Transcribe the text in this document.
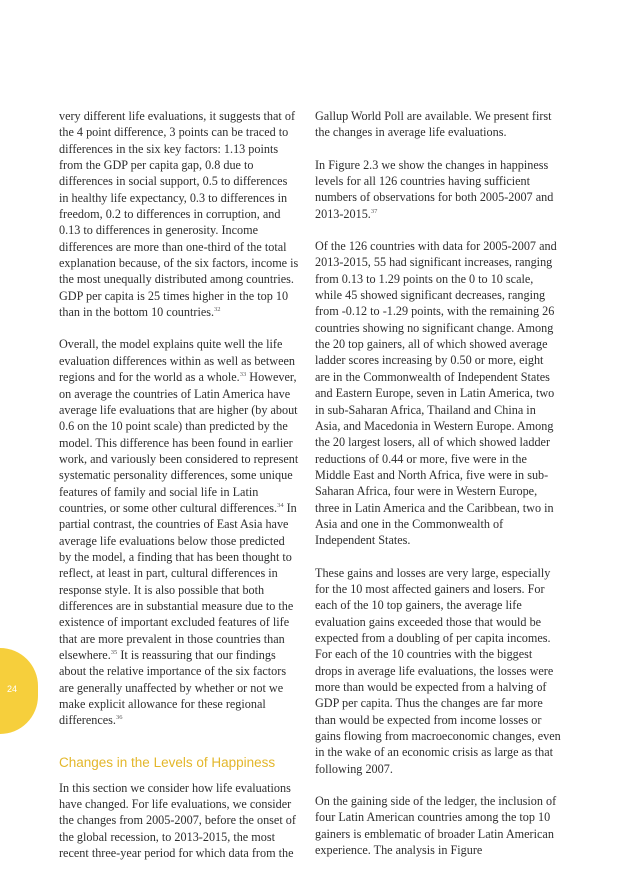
very different life evaluations, it suggests that of the 4 point difference, 3 points can be traced to differences in the six key factors: 1.13 points from the GDP per capita gap, 0.8 due to differences in social support, 0.5 to differences in healthy life expectancy, 0.3 to differences in freedom, 0.2 to differences in corruption, and 0.13 to differences in generosity. Income differences are more than one-third of the total explanation because, of the six factors, income is the most unequally distributed among countries. GDP per capita is 25 times higher in the top 10 than in the bottom 10 countries.$^{32}$

Overall, the model explains quite well the life evaluation differences within as well as between regions and for the world as a whole.$^{33}$ However, on average the countries of Latin America have average life evaluations that are higher (by about 0.6 on the 10 point scale) than predicted by the model. This difference has been found in earlier work, and variously been considered to represent systematic personality differences, some unique features of family and social life in Latin countries, or some other cultural differences.$^{34}$ In partial contrast, the countries of East Asia have average life evaluations below those predicted by the model, a finding that has been thought to reflect, at least in part, cultural differences in response style. It is also possible that both differences are in substantial measure due to the existence of important excluded features of life that are more prevalent in those countries than elsewhere.$^{35}$ It is reassuring that our findings about the relative importance of the six factors are generally unaffected by whether or not we make explicit allowance for these regional differences.$^{36}$

Changes in the Levels of Happiness

In this section we consider how life evaluations have changed. For life evaluations, we consider the changes from 2005-2007, before the onset of the global recession, to 2013-2015, the most recent three-year period for which data from the

Gallup World Poll are available. We present first the changes in average life evaluations.

In Figure 2.3 we show the changes in happiness levels for all 126 countries having sufficient numbers of observations for both 2005-2007 and 2013-2015.37

Of the 126 countries with data for 2005-2007 and 2013-2015, 55 had significant increases, ranging from 0.13 to 1.29 points on the 0 to 10 scale, while 45 showed significant decreases, ranging from -0.12 to -1.29 points, with the remaining 26 countries showing no significant change. Among the 20 top gainers, all of which showed average ladder scores increasing by 0.50 or more, eight are in the Commonwealth of Independent States and Eastern Europe, seven in Latin America, two in sub-Saharan Africa, Thailand and China in Asia, and Macedonia in Western Europe. Among the 20 largest losers, all of which showed ladder reductions of 0.44 or more, five were in the Middle East and North Africa, five were in sub-Saharan Africa, four were in Western Europe, three in Latin America and the Caribbean, two in Asia and one in the Commonwealth of Independent States.

These gains and losses are very large, especially for the 10 most affected gainers and losers. For each of the 10 top gainers, the average life evaluation gains exceeded those that would be expected from a doubling of per capita incomes. For each of the 10 countries with the biggest drops in average life evaluations, the losses were more than would be expected from a halving of GDP per capita. Thus the changes are far more than would be expected from income losses or gains flowing from macroeconomic changes, even in the wake of an economic crisis as large as that following 2007.

On the gaining side of the ledger, the inclusion of four Latin American countries among the top 10 gainers is emblematic of broader Latin American experience. The analysis in Figure

24
